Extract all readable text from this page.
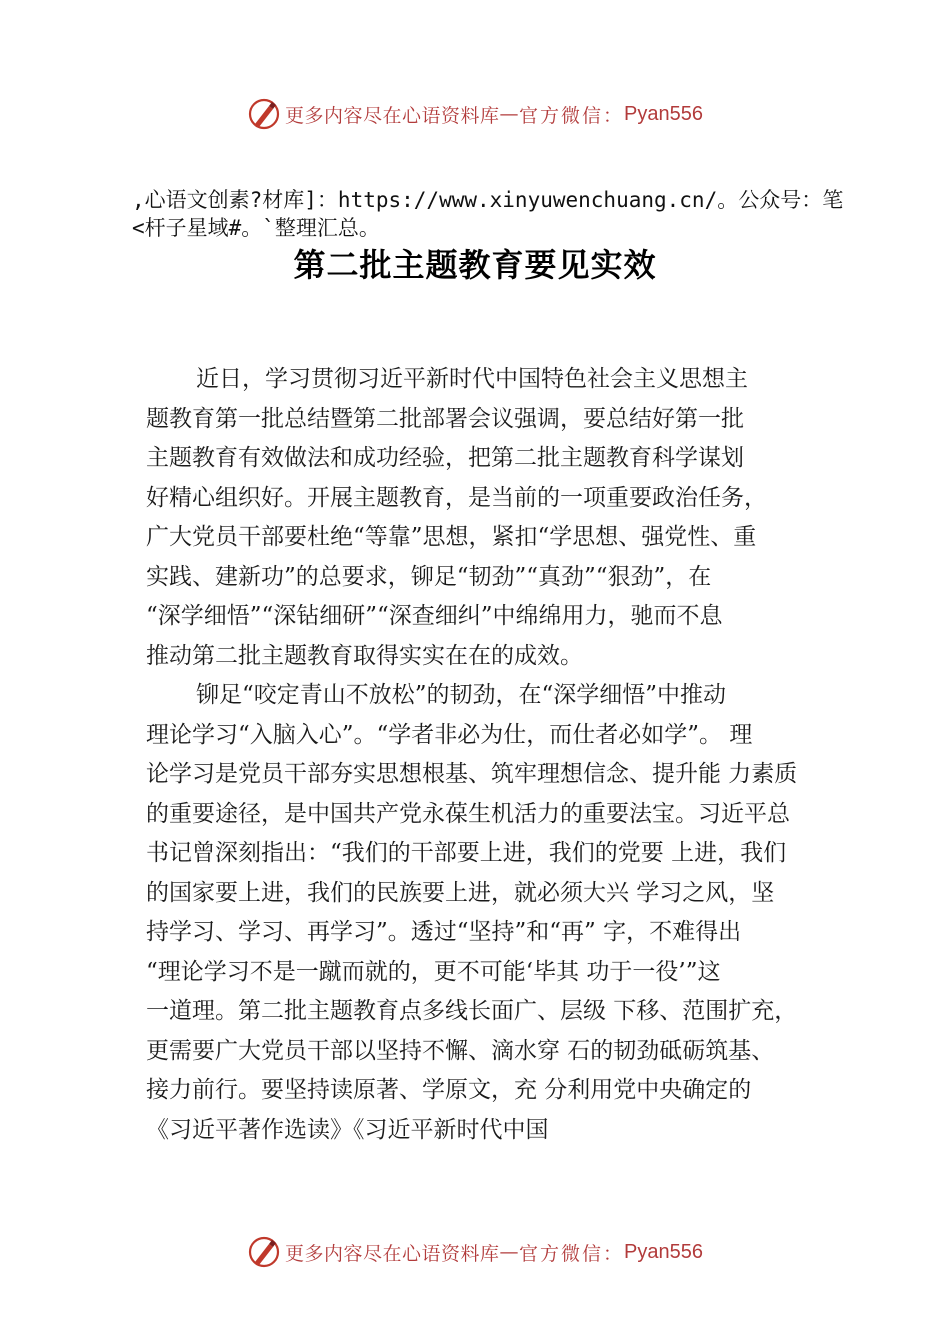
更多内容尽在心语资料库 — 官方微信： Pyan556
,心语文创素?材库]：https://www.xinyuwenchuang.cn/。公众号：笔<杆子星域#。`整理汇总。
第二批主题教育要见实效
近日，学习贯彻习近平新时代中国特色社会主义思想主
题教育第一批总结暨第二批部署会议强调，要总结好第一批
主题教育有效做法和成功经验，把第二批主题教育科学谋划
好精心组织好。开展主题教育，是当前的一项重要政治任务，
广大党员干部要杜绝“等靠”思想，紧扣“学思想、强党性、重
实践、建新功”的总要求，铆足“韧劲”“真劲”“狠劲”，在
“深学细悟”“深钻细研”“深查细纠”中绵绵用力，驰而不息
推动第二批主题教育取得实实在在的成效。
铆足“咬定青山不放松”的韧劲，在“深学细悟”中推动
理论学习“入脑入心”。“学者非必为仕，而仕者必如学”。 理
论学习是党员干部夯实思想根基、筑牢理想信念、提升能 力素质
的重要途径，是中国共产党永葆生机活力的重要法宝。习近平总
书记曾深刻指出：“我们的干部要上进，我们的党要 上进，我们
的国家要上进，我们的民族要上进，就必须大兴 学习之风，坚
持学习、学习、再学习”。透过“坚持”和“再” 字，不难得出
“理论学习不是一蹴而就的，更不可能‘毕其 功于一役’”这
一道理。第二批主题教育点多线长面广、层级 下移、范围扩充，
更需要广大党员干部以坚持不懈、滴水穿 石的韧劲砥砺筑基、
接力前行。要坚持读原著、学原文，充 分利用党中央确定的
《习近平著作选读》《习近平新时代中国
更多内容尽在心语资料库 — 官方微信： Pyan556
